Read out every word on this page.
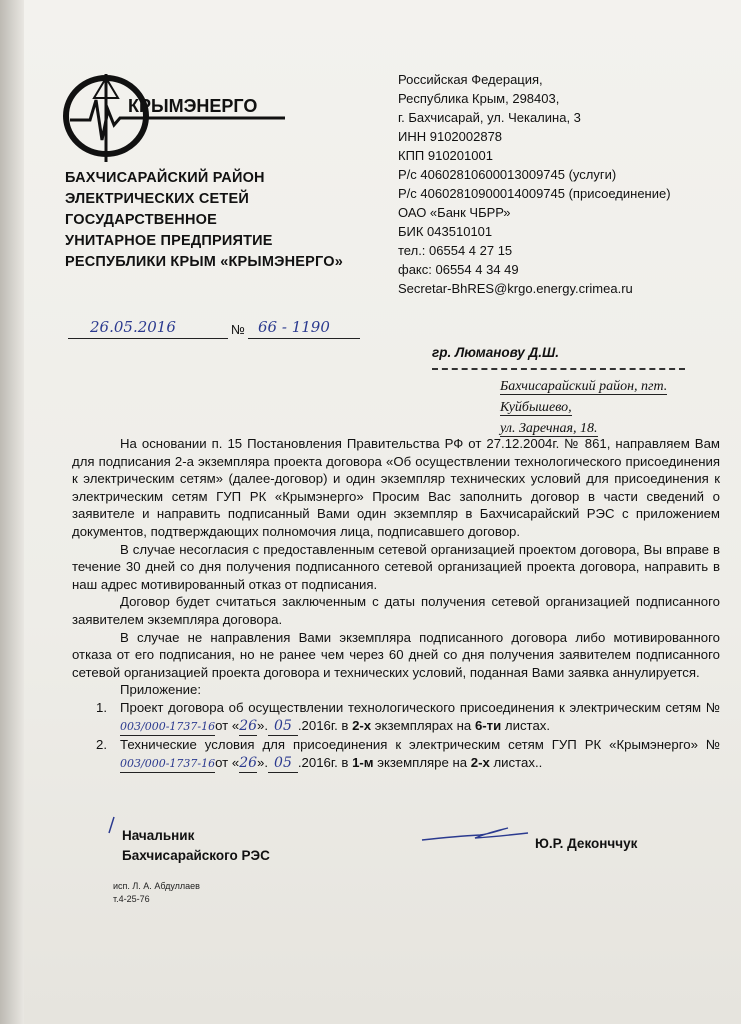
КРЫМЭНЕРГО
БАХЧИСАРАЙСКИЙ РАЙОН
ЭЛЕКТРИЧЕСКИХ СЕТЕЙ
ГОСУДАРСТВЕННОЕ
УНИТАРНОЕ ПРЕДПРИЯТИЕ
РЕСПУБЛИКИ КРЫМ «КРЫМЭНЕРГО»
Российская Федерация,
Республика Крым, 298403,
г. Бахчисарай, ул. Чекалина, 3
ИНН 9102002878
КПП 910201001
Р/с 40602810600013009745 (услуги)
Р/с 40602810900014009745 (присоединение)
ОАО «Банк ЧБРР»
БИК 043510101
тел.: 06554 4 27 15
факс: 06554 4 34 49
Secretar-BhRES@krgo.energy.crimea.ru
26.05.2016	№ 66 - 1190
гр. Люманову Д.Ш.
Бахчисарайский район, пгт. Куйбышево,
ул. Заречная, 18.

На основании п. 15 Постановления Правительства РФ от 27.12.2004г. № 861, направляем Вам для подписания 2-а экземпляра проекта договора «Об осуществлении технологического присоединения к электрическим сетям» (далее-договор) и один экземпляр технических условий для присоединения к электрическим сетям ГУП РК «Крымэнерго» Просим Вас заполнить договор в части сведений о заявителе и направить подписанный Вами один экземпляр в Бахчисарайский РЭС с приложением документов, подтверждающих полномочия лица, подписавшего договор.

В случае несогласия с предоставленным сетевой организацией проектом договора, Вы вправе в течение 30 дней со дня получения подписанного сетевой организацией проекта договора, направить в наш адрес мотивированный отказ от подписания.

Договор будет считаться заключенным с даты получения сетевой организацией подписанного заявителем экземпляра договора.

В случае не направления Вами экземпляра подписанного договора либо мотивированного отказа от его подписания, но не ранее чем через 60 дней со дня получения заявителем подписанного сетевой организацией проекта договора и технических условий, поданная Вами заявка аннулируется.

Приложение:
1. Проект договора об осуществлении технологического присоединения к электрическим сетям №003/000-1737-16от «26». 05 .2016г. в 2-х экземплярах на 6-ти листах.
2. Технические условия для присоединения к электрическим сетям ГУП РК «Крымэнерго» №003/000-1737-16от «26». 05 .2016г. в 1-м экземпляре на 2-х листах..
Начальник
Бахчисарайского РЭС
Ю.Р. Деконччук
исп. Л. А. Абдуллаев
т.4-25-76
